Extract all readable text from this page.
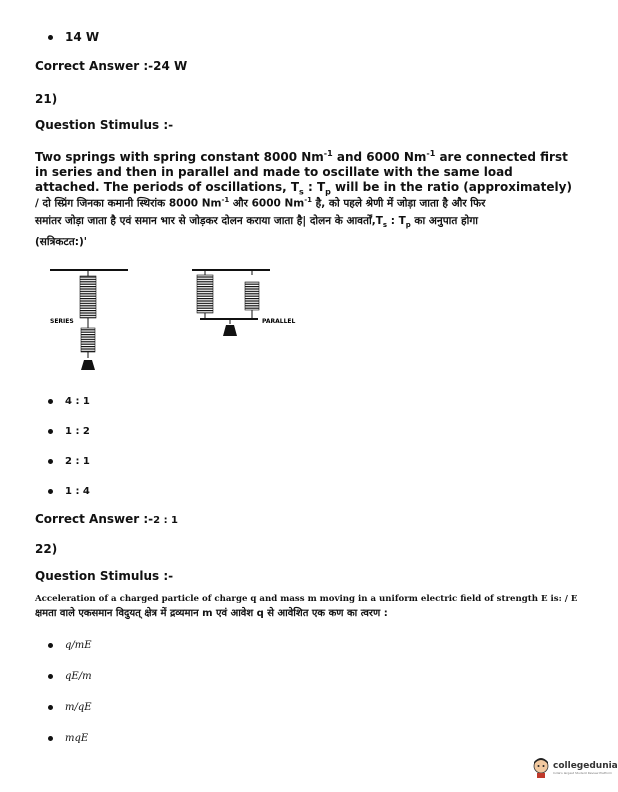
14 W
Correct Answer :-24 W
21)
Question Stimulus :-
Two springs with spring constant 8000 $Nm^{-1}$ and 6000 $Nm^{-1}$ are connected first
in series and then in parallel and made to oscillate with the same load
attached. The periods of oscillations, $T_s$ : $T_p$ will be in the ratio (approximately)
/ दो स्प्रिंग जिनका कमानी स्थिरांक 8000 $Nm^{-1}$ और 6000 $Nm^{-1}$ है, को पहले श्रेणी में जोड़ा जाता है और फिर
समांतर जोड़ा जाता है एवं समान भार से जोड़कर दोलन कराया जाता है| दोलन के $आवर्तों,T_s$ : $T_p$ का अनुपात होगा
(सत्रिकटत:)'
SERIES	PARALLEL
4 : 1
1 : 2
2 : 1
1 : 4
Correct Answer :-2 : 1
22)
Question Stimulus :-
Acceleration of a charged particle of charge q and mass m moving in a uniform electric field of strength E is: / E
क्षमता वाले एकसमान विदुयत् क्षेत्र में द्रव्यमान m एवं आवेश q से आवेशित एक कण का त्वरण :
q/mE
qE/m
m/qE
mqE
collegedunia
India's largest Student Review Platform
